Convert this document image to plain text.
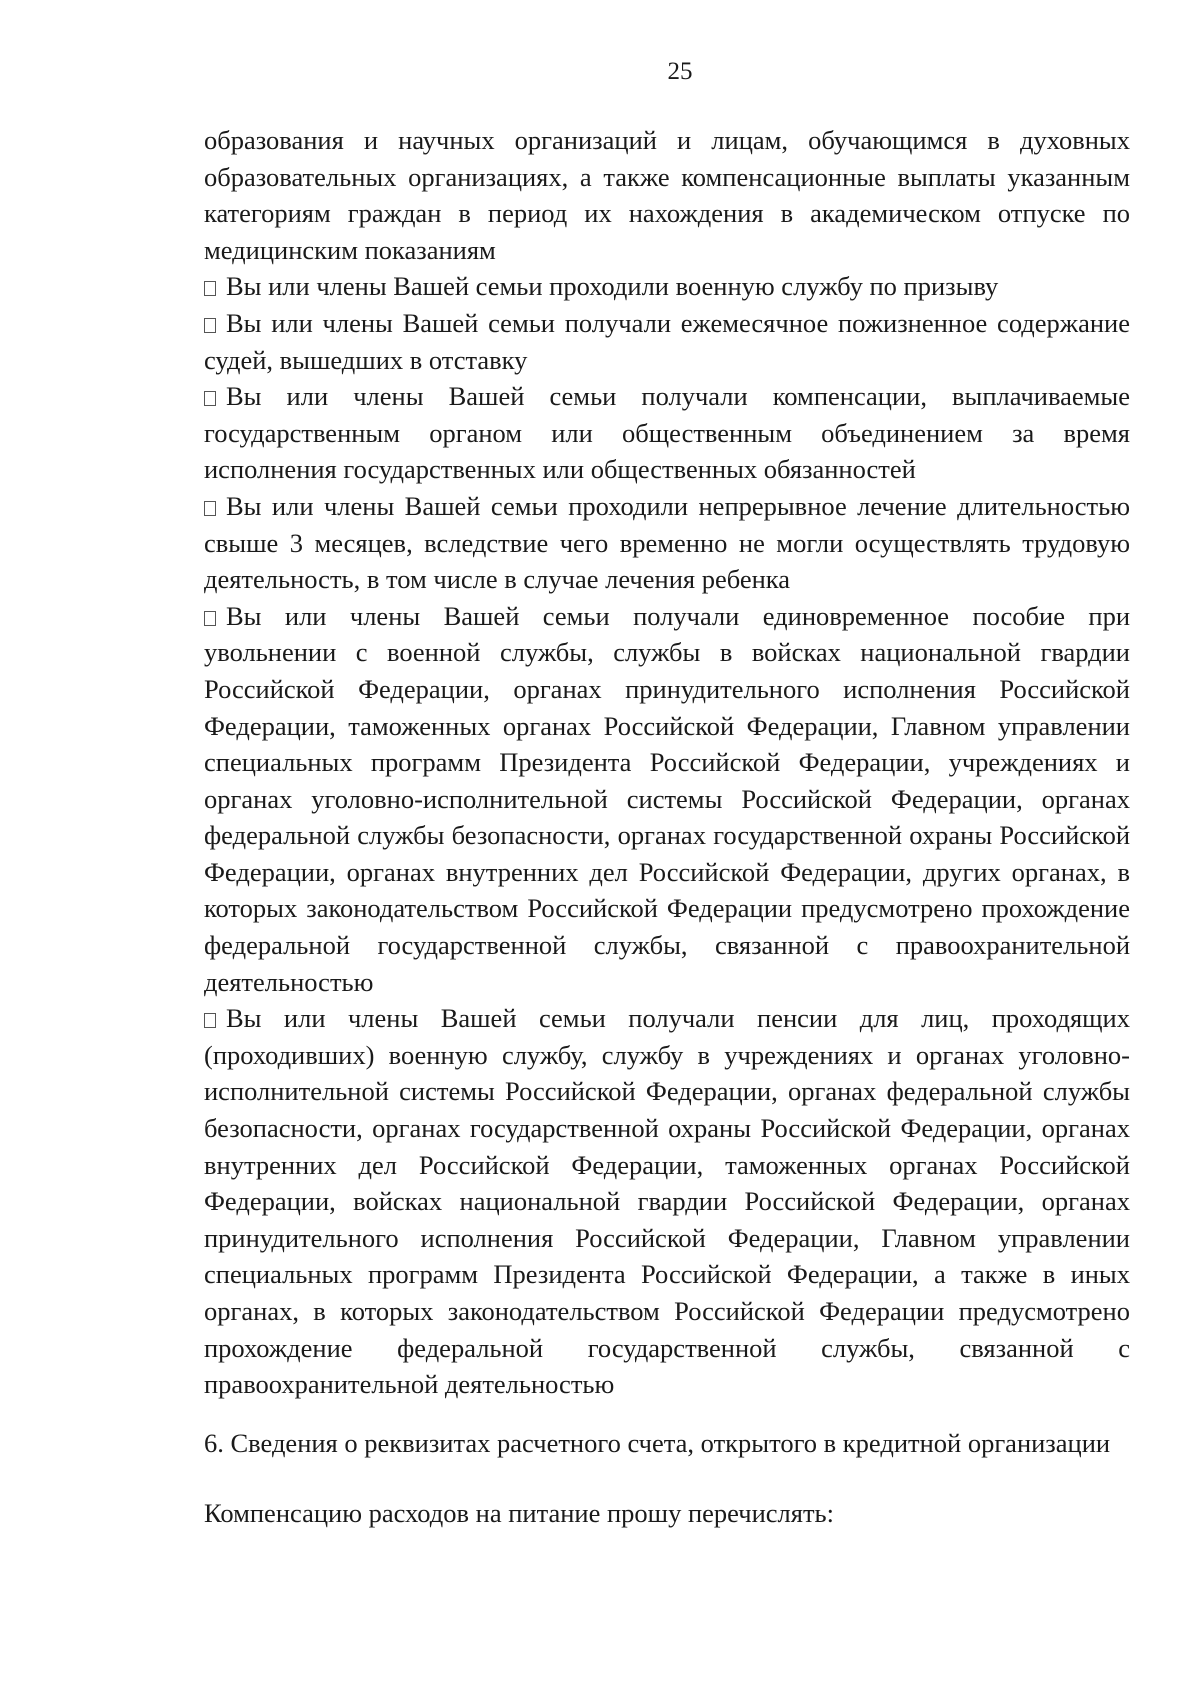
25

образования и научных организаций и лицам, обучающимся в духовных образовательных организациях, а также компенсационные выплаты указанным категориям граждан в период их нахождения в академическом отпуске по медицинским показаниям

Вы или члены Вашей семьи проходили военную службу по призыву

Вы или члены Вашей семьи получали ежемесячное пожизненное содержание судей, вышедших в отставку

Вы или члены Вашей семьи получали компенсации, выплачиваемые государственным органом или общественным объединением за время исполнения государственных или общественных обязанностей

Вы или члены Вашей семьи проходили непрерывное лечение длительностью свыше 3 месяцев, вследствие чего временно не могли осуществлять трудовую деятельность, в том числе в случае лечения ребенка

Вы или члены Вашей семьи получали единовременное пособие при увольнении с военной службы, службы в войсках национальной гвардии Российской Федерации, органах принудительного исполнения Российской Федерации, таможенных органах Российской Федерации, Главном управлении специальных программ Президента Российской Федерации, учреждениях и органах уголовно-исполнительной системы Российской Федерации, органах федеральной службы безопасности, органах государственной охраны Российской Федерации, органах внутренних дел Российской Федерации, других органах, в которых законодательством Российской Федерации предусмотрено прохождение федеральной государственной службы, связанной с правоохранительной деятельностью

Вы или члены Вашей семьи получали пенсии для лиц, проходящих (проходивших) военную службу, службу в учреждениях и органах уголовно-исполнительной системы Российской Федерации, органах федеральной службы безопасности, органах государственной охраны Российской Федерации, органах внутренних дел Российской Федерации, таможенных органах Российской Федерации, войсках национальной гвардии Российской Федерации, органах принудительного исполнения Российской Федерации, Главном управлении специальных программ Президента Российской Федерации, а также в иных органах, в которых законодательством Российской Федерации предусмотрено прохождение федеральной государственной службы, связанной с правоохранительной деятельностью

6. Сведения о реквизитах расчетного счета, открытого в кредитной организации

Компенсацию расходов на питание прошу перечислять:
